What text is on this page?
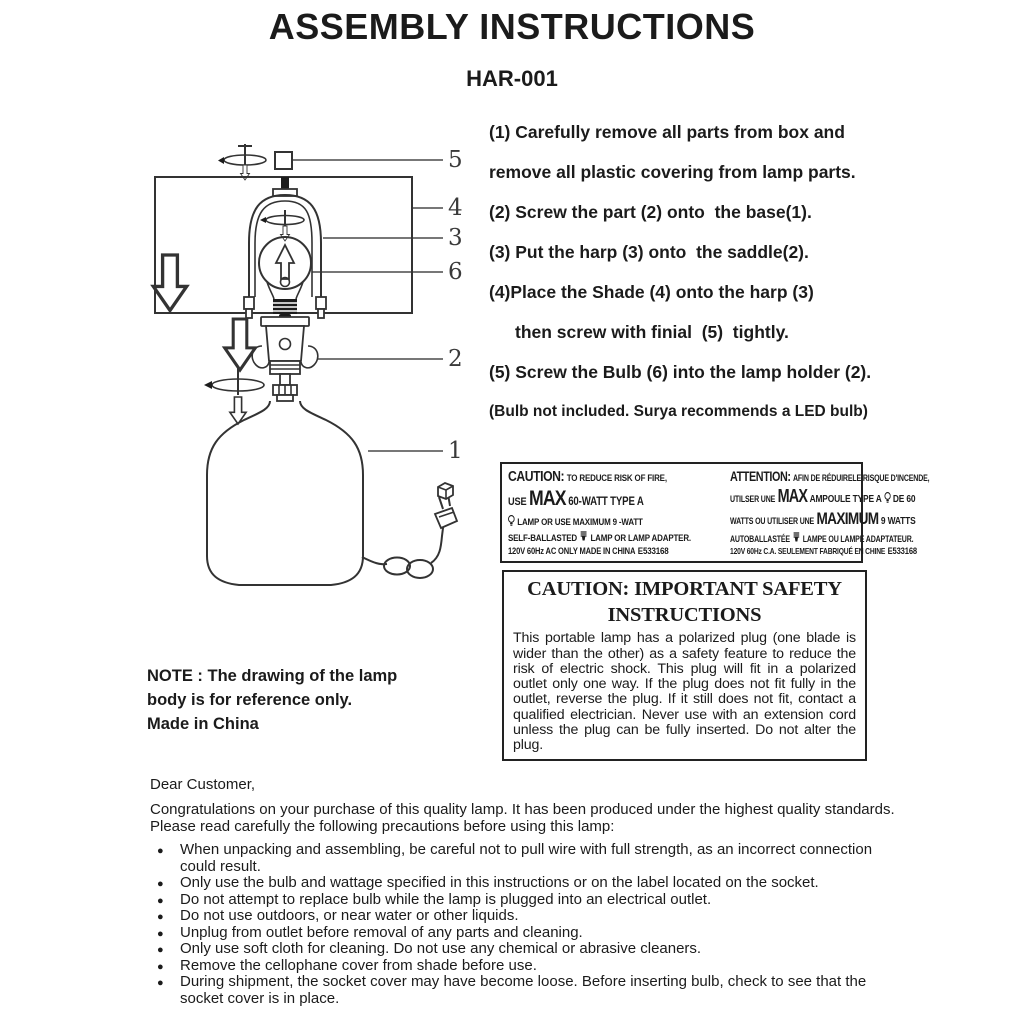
ASSEMBLY INSTRUCTIONS
HAR-001
5
4
3
6
2
1
(1) Carefully remove all parts from box and
remove all plastic covering from lamp parts.
(2) Screw the part (2) onto  the base(1).
(3) Put the harp (3) onto  the saddle(2).
(4)Place the Shade (4) onto the harp (3)
then screw with finial  (5)  tightly.
(5) Screw the Bulb (6) into the lamp holder (2).
(Bulb not included. Surya recommends a LED bulb)
CAUTION: TO REDUCE RISK OF FIRE,
USE MAX 60-WATT TYPE A
LAMP OR USE MAXIMUM 9 -WATT
SELF-BALLASTED LAMP OR LAMP ADAPTER.
120V 60Hz AC ONLY MADE IN CHINA E533168
ATTENTION: AFIN DE RÉDUIRELE RISQUE D'INCENDE,
UTILSER UNE MAX AMPOULE TYPE A DE 60
WATTS OU UTILISER UNE MAXIMUM 9 WATTS
AUTOBALLASTÉE LAMPE OU LAMPE ADAPTATEUR.
120V 60Hz C.A. SEULEMENT FABRIQUÉ EN CHINE E533168
CAUTION: IMPORTANT SAFETY
INSTRUCTIONS

This portable lamp has a polarized plug (one blade is wider than the other) as a safety feature to reduce the risk of electric shock. This plug will fit in a polarized outlet only one way. If the plug does not fit fully in the outlet, reverse the plug. If it still does not fit, contact a qualified electrician. Never use with an extension cord unless the plug can be fully inserted. Do not alter the plug.

NOTE : The drawing of the lamp
body is for reference only.
Made in China
Dear Customer,

Congratulations on your purchase of this quality lamp. It has been produced under the highest quality standards. Please read carefully the following precautions before using this lamp:

● When unpacking and assembling, be careful not to pull wire with full strength, as an incorrect connection could result.
● Only use the bulb and wattage specified in this instructions or on the label located on the socket.
● Do not attempt to replace bulb while the lamp is plugged into an electrical outlet.
● Do not use outdoors, or near water or other liquids.
● Unplug from outlet before removal of any parts and cleaning.
● Only use soft cloth for cleaning. Do not use any chemical or abrasive cleaners.
● Remove the cellophane cover from shade before use.
● During shipment, the socket cover may have become loose. Before inserting bulb, check to see that the socket cover is in place.
